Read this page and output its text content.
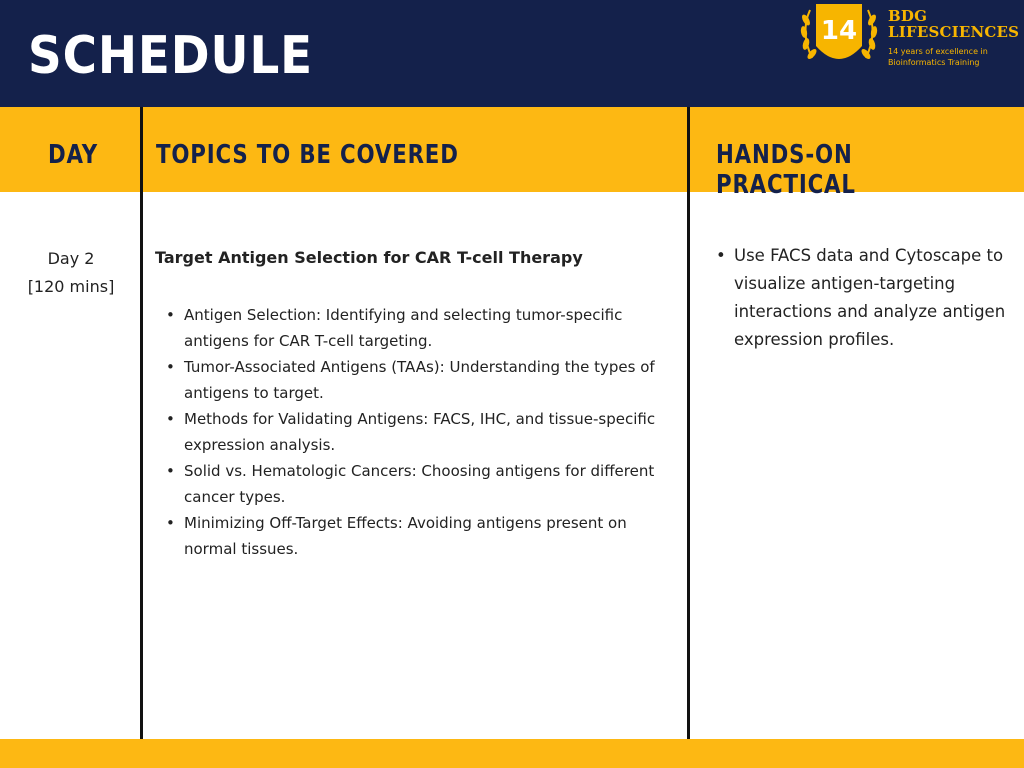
SCHEDULE	14 BDG
LIFESCIENCES
14 years of excellence in
Bioinformatics Training
DAY TOPICS TO BE COVERED	HANDS-ON PRACTICAL
Day 2
[120 mins]
Target Antigen Selection for CAR T-cell Therapy
• Antigen Selection: Identifying and selecting tumor-specific antigens for CAR T-cell targeting.
• Tumor-Associated Antigens (TAAs): Understanding the types of antigens to target.
• Methods for Validating Antigens: FACS, IHC, and tissue-specific expression analysis.
• Solid vs. Hematologic Cancers: Choosing antigens for different cancer types.
• Minimizing Off-Target Effects: Avoiding antigens present on normal tissues.
• Use FACS data and Cytoscape to visualize antigen-targeting interactions and analyze antigen expression profiles.
